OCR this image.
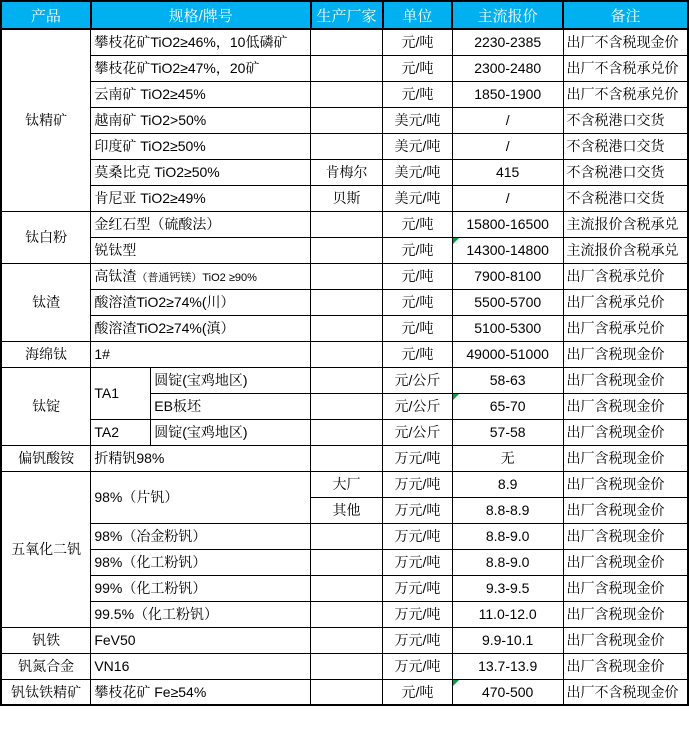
产品	规格/牌号		生产厂家	单位	主流报价	备注
钛精矿	攀枝花矿TiO2≥46%，10低磷矿			元/吨	2230-2385	出厂不含税现金价
	攀枝花矿TiO2≥47%，20矿			元/吨	2300-2480	出厂不含税承兑价
	云南矿 TiO2≥45%			元/吨	1850-1900	出厂不含税承兑价
	越南矿 TiO2>50%			美元/吨	/	不含税港口交货
	印度矿 TiO2≥50%			美元/吨	/	不含税港口交货
	莫桑比克 TiO2≥50%		肯梅尔	美元/吨	415	不含税港口交货
	肯尼亚 TiO2≥49%		贝斯	美元/吨	/	不含税港口交货
钛白粉	金红石型（硫酸法）			元/吨	15800-16500	主流报价含税承兑
	锐钛型			元/吨	14300-14800	主流报价含税承兑
钛渣	高钛渣（普通钙镁）TiO2 ≥90%			元/吨	7900-8100	出厂含税承兑价
	酸溶渣TiO2≥74%(川）			元/吨	5500-5700	出厂含税承兑价
	酸溶渣TiO2≥74%(滇）			元/吨	5100-5300	出厂含税承兑价
海绵钛	1#			元/吨	49000-51000	出厂含税现金价
钛锭	TA1	圆锭(宝鸡地区)		元/公斤	58-63	出厂含税现金价
		EB板坯		元/公斤	65-70	出厂含税现金价
	TA2	圆锭(宝鸡地区)		元/公斤	57-58	出厂含税现金价
偏钒酸铵	折精钒98%			万元/吨	无	出厂含税现金价
五氧化二钒	98%（片钒）		大厂	万元/吨	8.9	出厂含税现金价
			其他	万元/吨	8.8-8.9	出厂含税现金价
	98%（冶金粉钒）			万元/吨	8.8-9.0	出厂含税现金价
	98%（化工粉钒）			万元/吨	8.8-9.0	出厂含税现金价
	99%（化工粉钒）			万元/吨	9.3-9.5	出厂含税现金价
	99.5%（化工粉钒）			万元/吨	11.0-12.0	出厂含税现金价
钒铁	FeV50			万元/吨	9.9-10.1	出厂含税现金价
钒氮合金	VN16			万元/吨	13.7-13.9	出厂含税现金价
钒钛铁精矿	攀枝花矿 Fe≥54%			元/吨	470-500	出厂不含税现金价
